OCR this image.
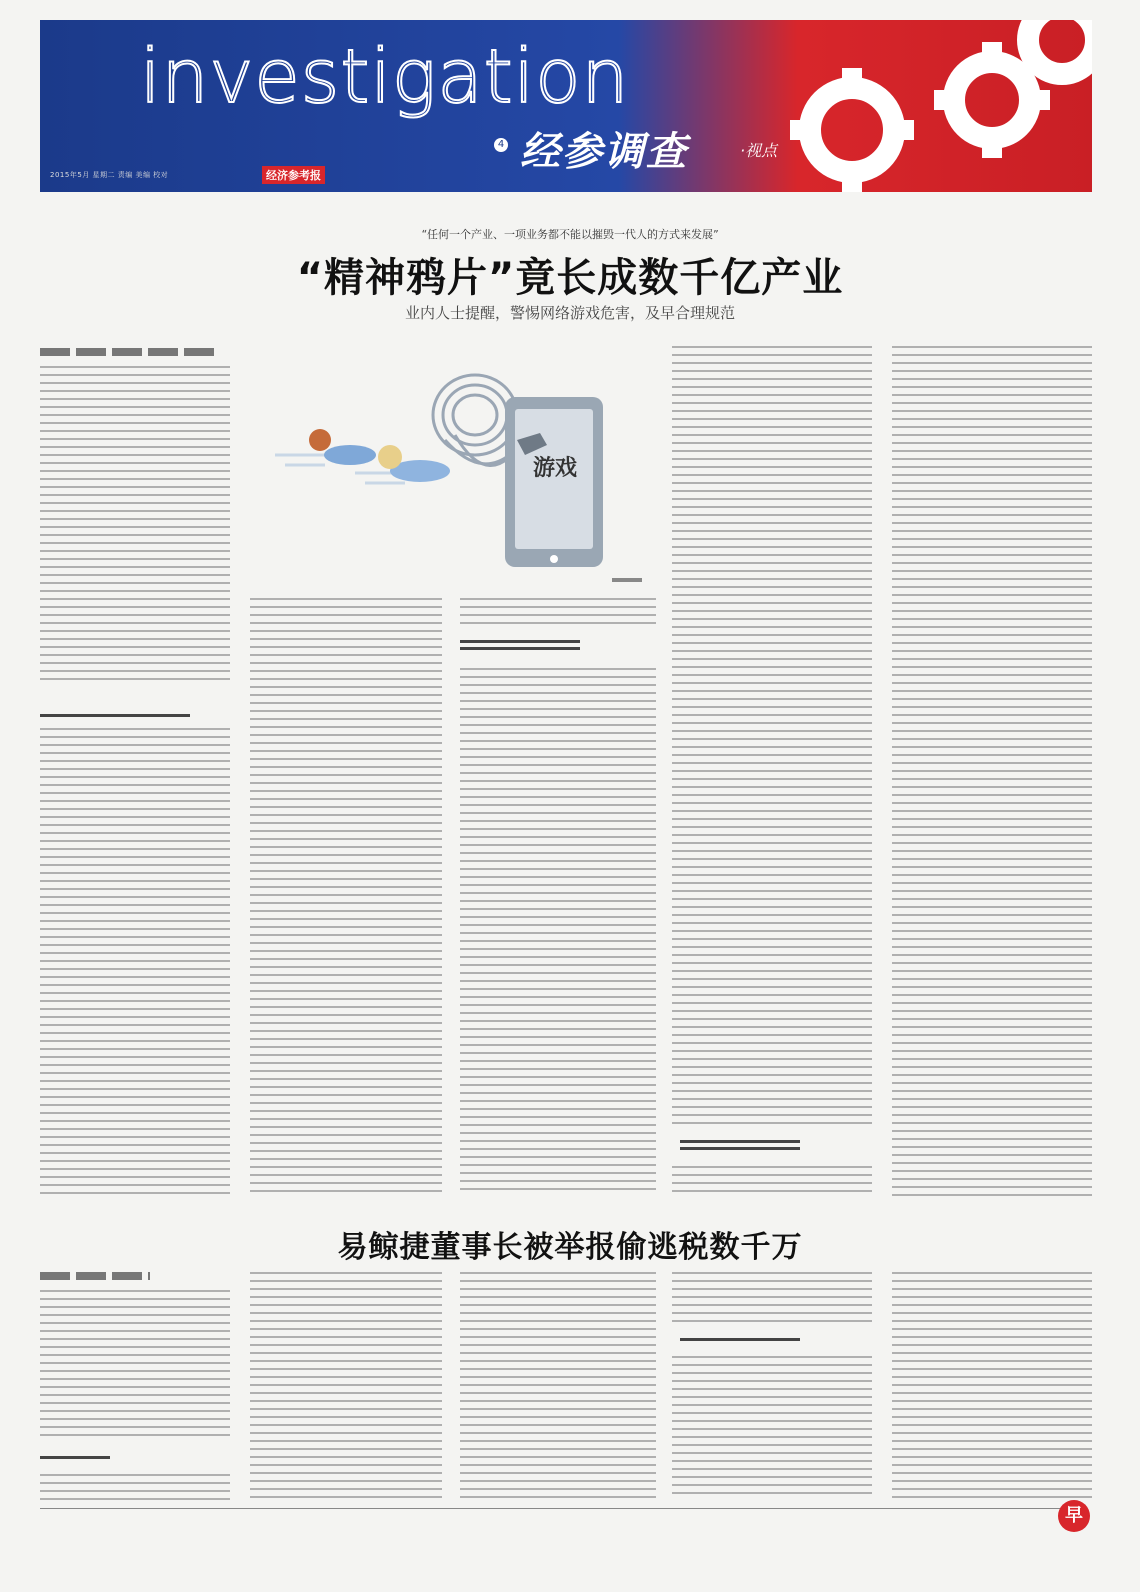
investigation
4 经参调查	·视点
2015年5月 星期二 责编 美编 校对	经济参考报
“任何一个产业、一项业务都不能以摧毁一代人的方式来发展”
“精神鸦片”竟长成数千亿产业
业内人士提醒，警惕网络游戏危害，及早合理规范
游戏
易鲸捷董事长被举报偷逃税数千万
早
